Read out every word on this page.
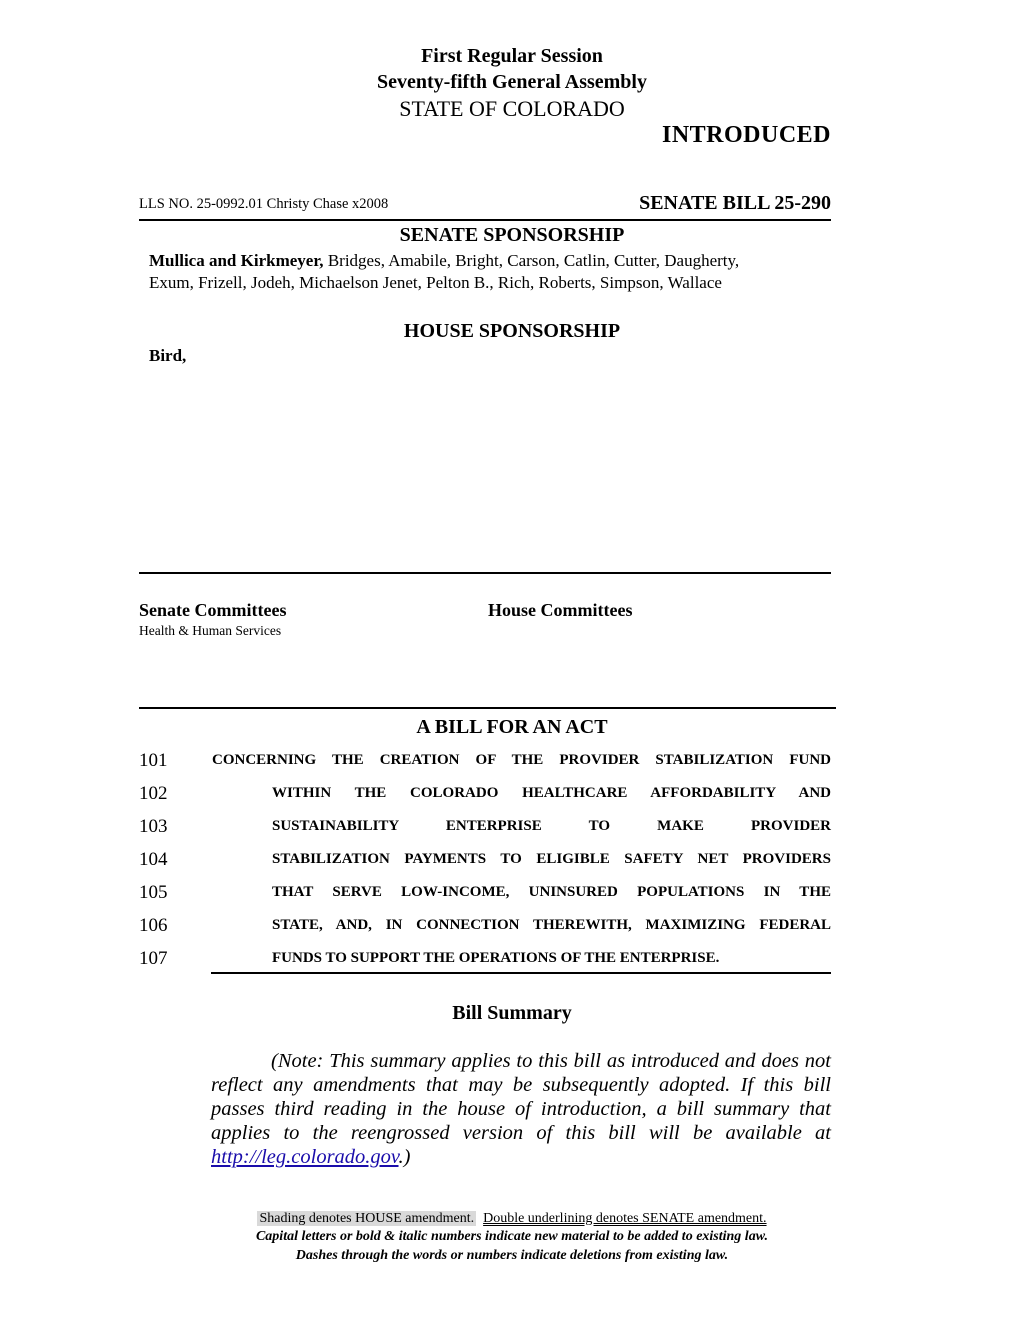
First Regular Session
Seventy-fifth General Assembly
STATE OF COLORADO
INTRODUCED
LLS NO. 25-0992.01 Christy Chase x2008	SENATE BILL 25-290
SENATE SPONSORSHIP
Mullica and Kirkmeyer, Bridges, Amabile, Bright, Carson, Catlin, Cutter, Daugherty,
Exum, Frizell, Jodeh, Michaelson Jenet, Pelton B., Rich, Roberts, Simpson, Wallace
HOUSE SPONSORSHIP
Bird,
Senate Committees
Health & Human Services
House Committees
A BILL FOR AN ACT
101	CONCERNING THE CREATION OF THE PROVIDER STABILIZATION FUND
102	WITHIN THE COLORADO HEALTHCARE AFFORDABILITY AND
103	SUSTAINABILITY ENTERPRISE TO MAKE PROVIDER
104	STABILIZATION PAYMENTS TO ELIGIBLE SAFETY NET PROVIDERS
105	THAT SERVE LOW-INCOME, UNINSURED POPULATIONS IN THE
106	STATE, AND, IN CONNECTION THEREWITH, MAXIMIZING FEDERAL
107	FUNDS TO SUPPORT THE OPERATIONS OF THE ENTERPRISE.
Bill Summary
(Note: This summary applies to this bill as introduced and does not reflect any amendments that may be subsequently adopted. If this bill passes third reading in the house of introduction, a bill summary that applies to the reengrossed version of this bill will be available at http://leg.colorado.gov.)
Shading denotes HOUSE amendment. Double underlining denotes SENATE amendment.
Capital letters or bold & italic numbers indicate new material to be added to existing law.
Dashes through the words or numbers indicate deletions from existing law.
